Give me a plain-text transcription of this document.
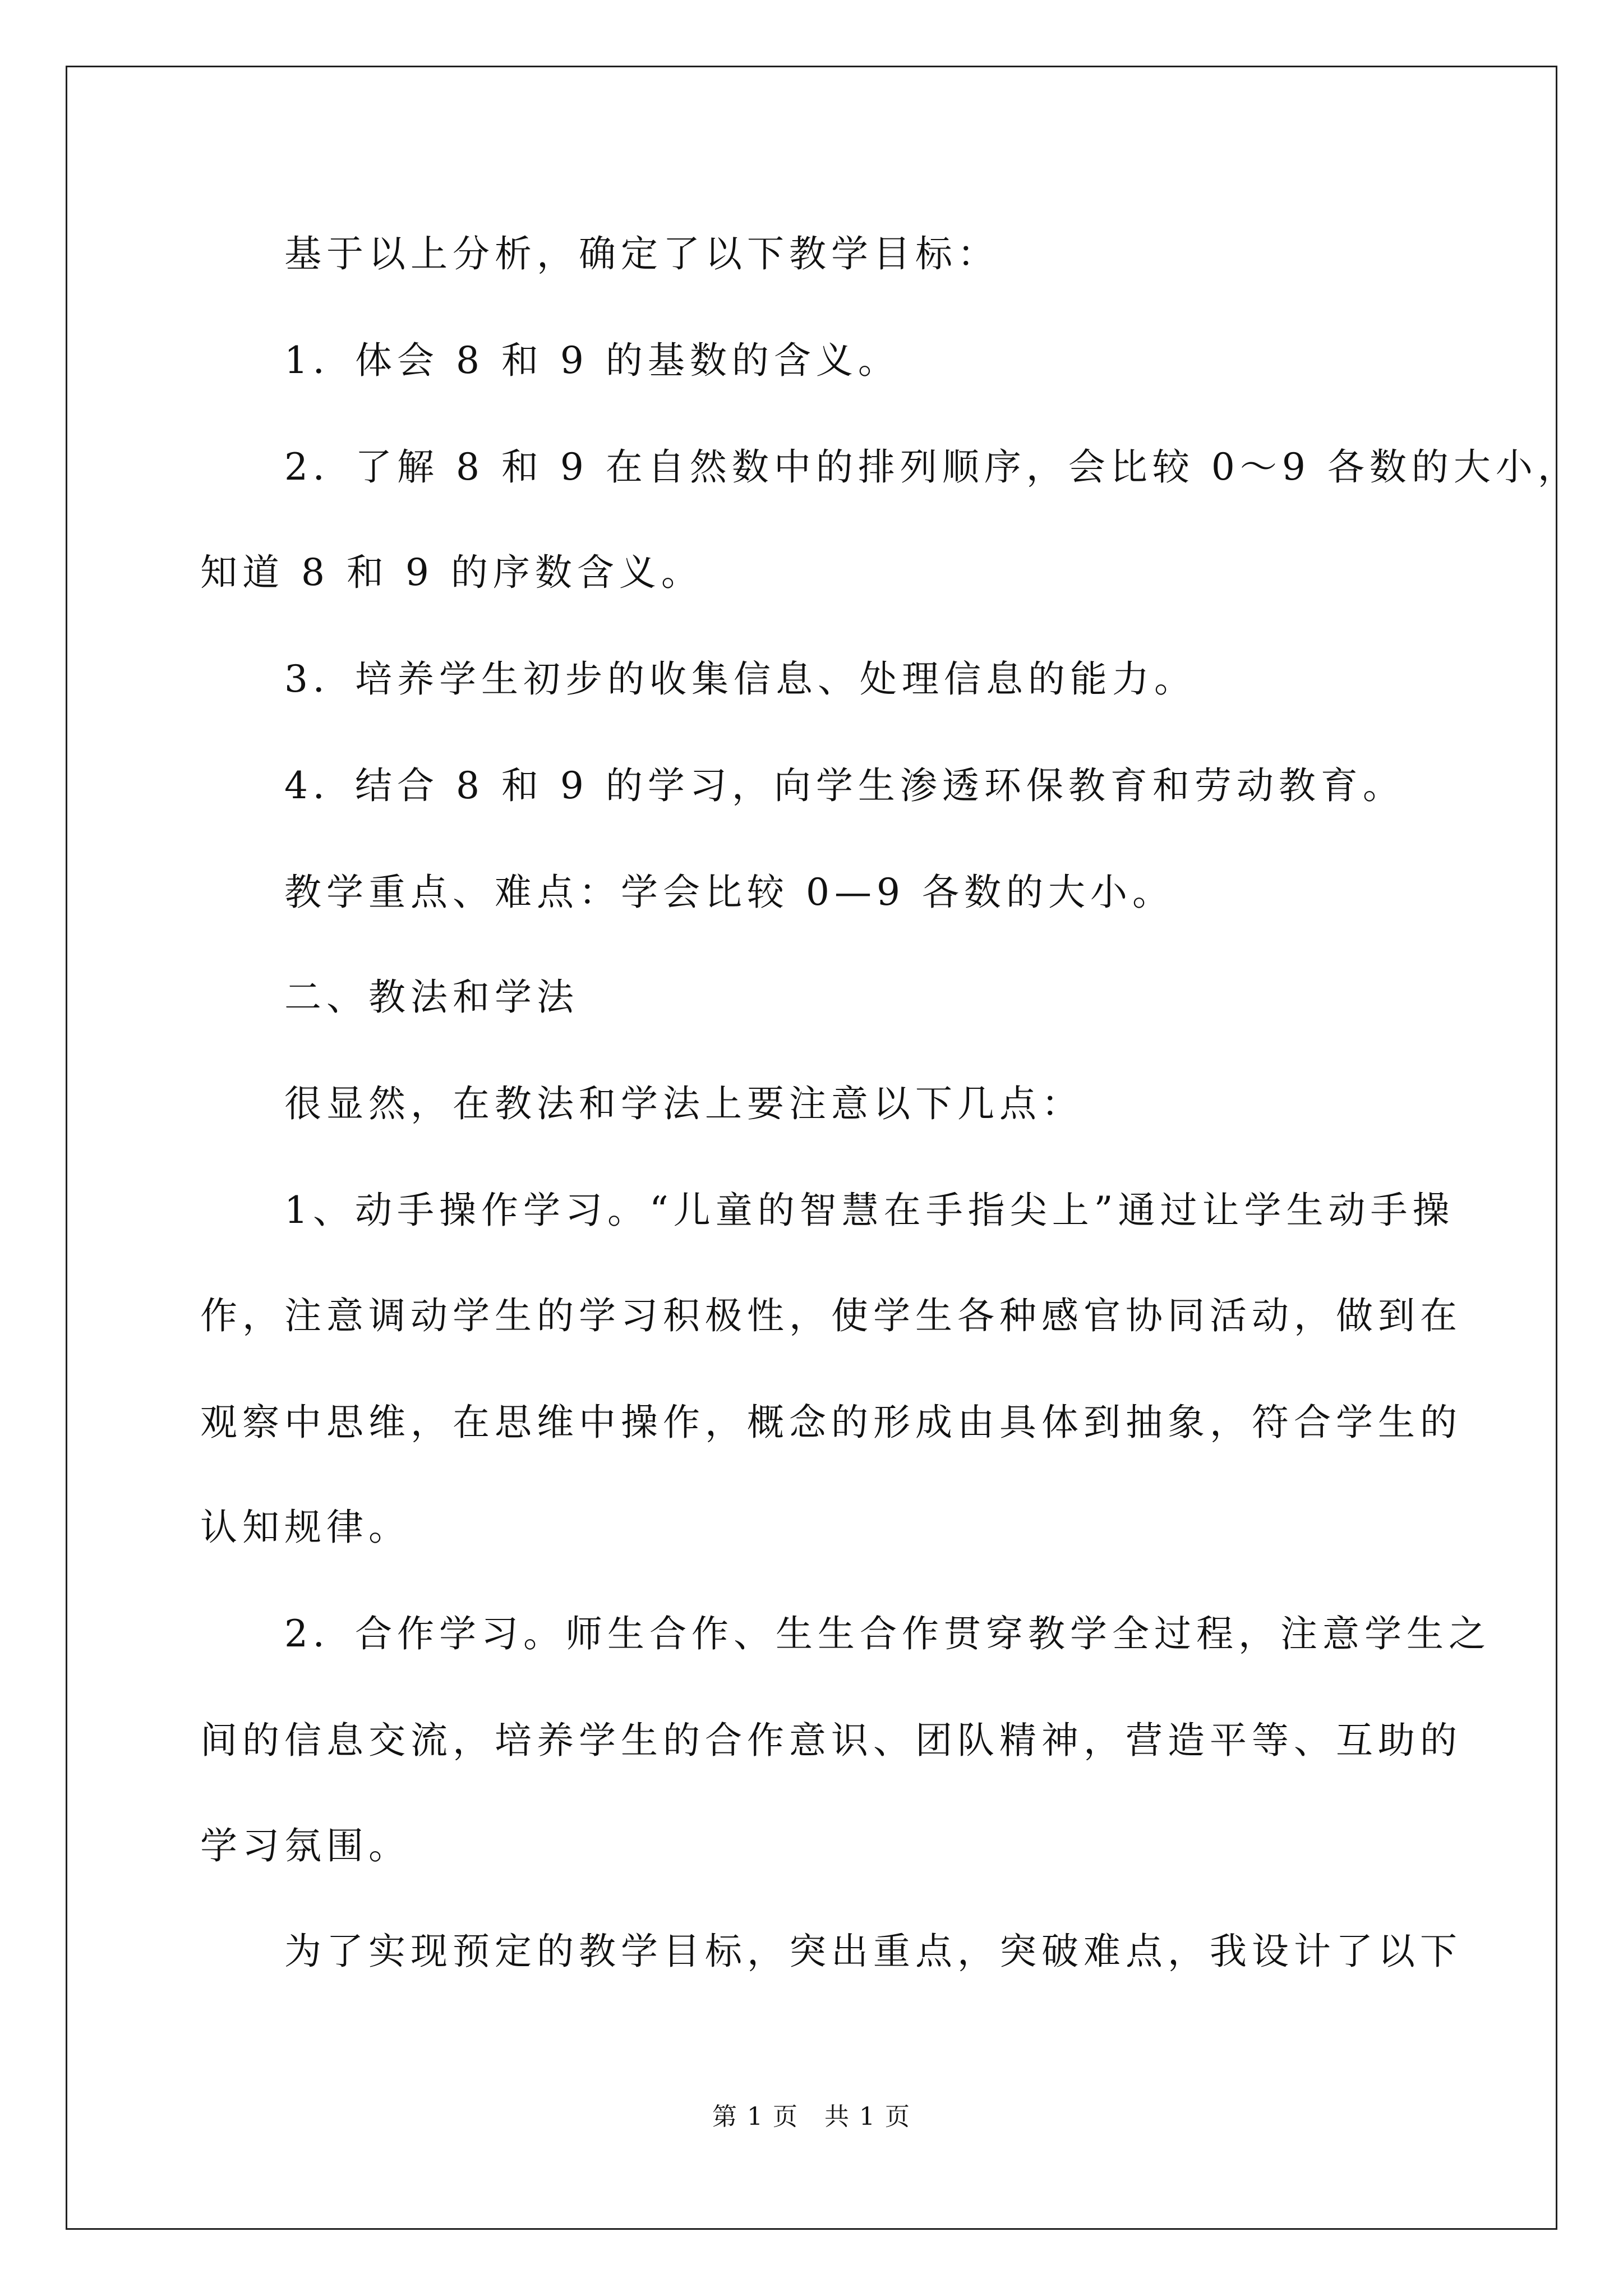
基于以上分析，确定了以下教学目标：
1．体会 8 和 9 的基数的含义。
2．了解 8 和 9 在自然数中的排列顺序，会比较 0～9 各数的大小，
知道 8 和 9 的序数含义。
3．培养学生初步的收集信息、处理信息的能力。
4．结合 8 和 9 的学习，向学生渗透环保教育和劳动教育。
教学重点、难点：学会比较 0—9 各数的大小。
二、教法和学法
很显然，在教法和学法上要注意以下几点：
1、动手操作学习。“儿童的智慧在手指尖上”通过让学生动手操
作，注意调动学生的学习积极性，使学生各种感官协同活动，做到在
观察中思维，在思维中操作，概念的形成由具体到抽象，符合学生的
认知规律。
2．合作学习。师生合作、生生合作贯穿教学全过程，注意学生之
间的信息交流，培养学生的合作意识、团队精神，营造平等、互助的
学习氛围。
为了实现预定的教学目标，突出重点，突破难点，我设计了以下
第 1 页　共 1 页
